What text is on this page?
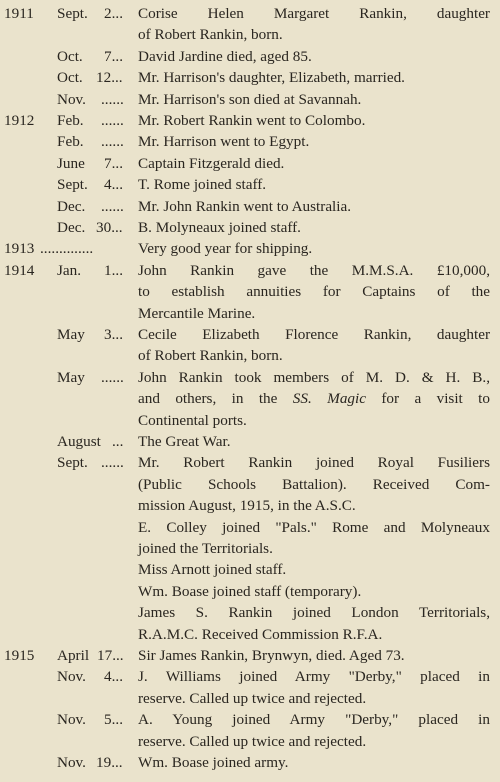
1911 Sept. 2... Corise Helen Margaret Rankin, daughter
of Robert Rankin, born.
Oct. 7... David Jardine died, aged 85.
Oct. 12... Mr. Harrison's daughter, Elizabeth, married.
Nov. ...... Mr. Harrison's son died at Savannah.
1912 Feb. ...... Mr. Robert Rankin went to Colombo.
Feb. ...... Mr. Harrison went to Egypt.
June 7... Captain Fitzgerald died.
Sept. 4... T. Rome joined staff.
Dec. ...... Mr. John Rankin went to Australia.
Dec. 30... B. Molyneaux joined staff.
1913 ..............	Very good year for shipping.
1914 Jan. 1... John Rankin gave the M.M.S.A. £10,000,
to establish annuities for Captains of the
Mercantile Marine.
May 3... Cecile Elizabeth Florence Rankin, daughter
of Robert Rankin, born.
May ...... John Rankin took members of M. D. & H. B.,
and others, in the SS. Magic for a visit to
Continental ports.
August ... The Great War.
Sept. ...... Mr. Robert Rankin joined Royal Fusiliers
(Public Schools Battalion). Received Com-
mission August, 1915, in the A.S.C.
E. Colley joined "Pals." Rome and Molyneaux
joined the Territorials.
Miss Arnott joined staff.
Wm. Boase joined staff (temporary).
James S. Rankin joined London Territorials,
R.A.M.C. Received Commission R.F.A.
1915 April 17... Sir James Rankin, Brynwyn, died. Aged 73.
Nov. 4... J. Williams joined Army "Derby," placed in
reserve. Called up twice and rejected.
Nov. 5... A. Young joined Army "Derby," placed in
reserve. Called up twice and rejected.
Nov. 19... Wm. Boase joined army.
